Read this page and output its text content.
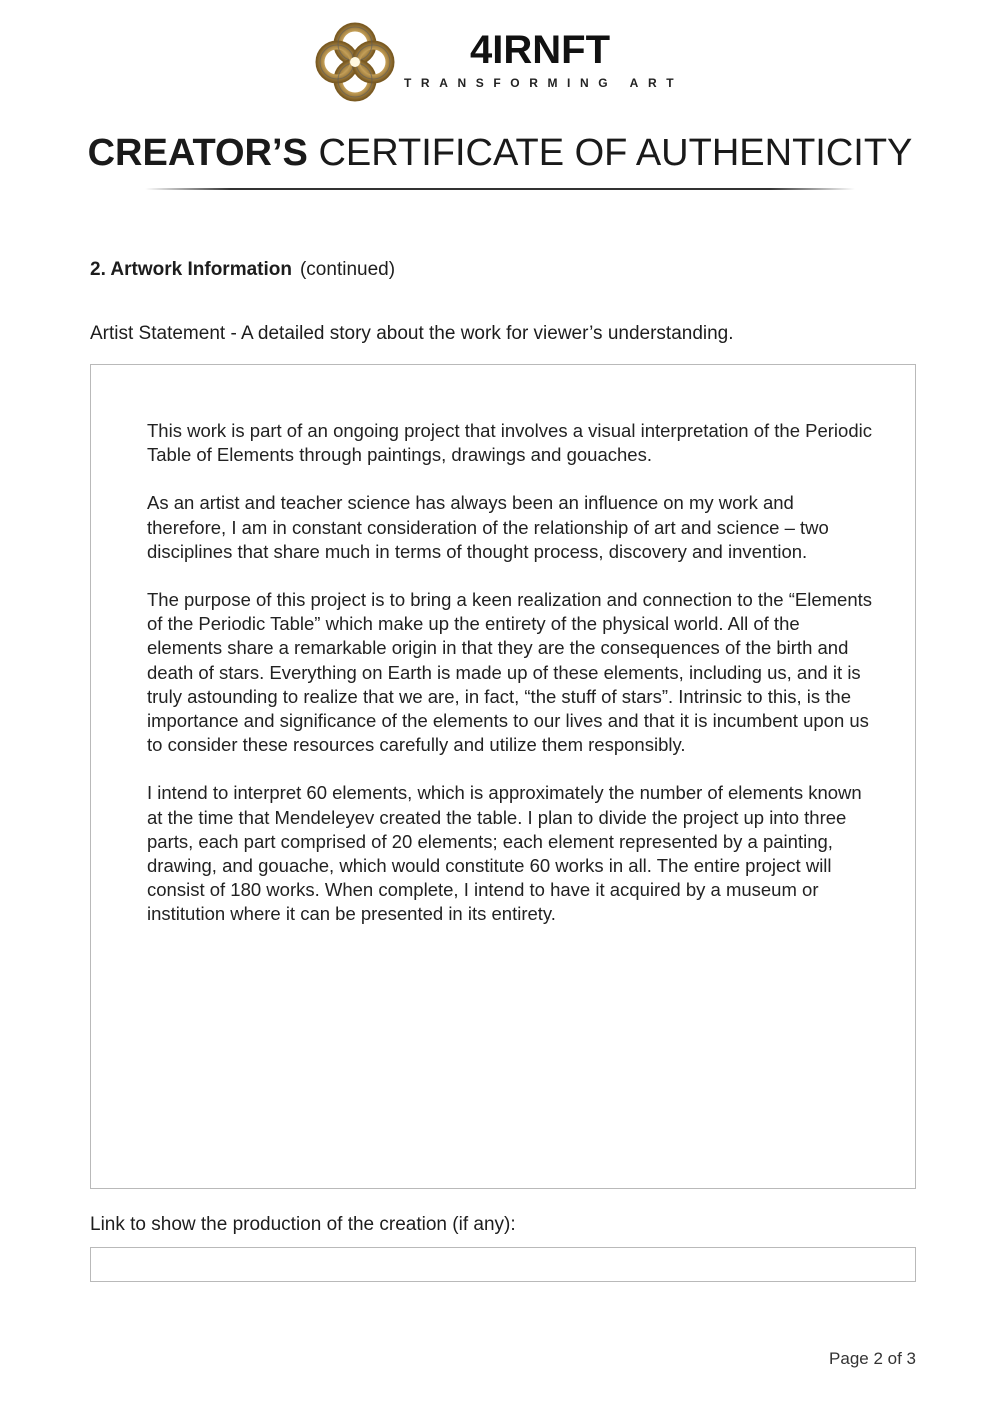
4IRNFT
TRANSFORMING ART
CREATOR’S CERTIFICATE OF AUTHENTICITY
2. Artwork Information (continued)
Artist Statement - A detailed story about the work for viewer’s understanding.

This work is part of an ongoing project that involves a visual interpretation of the Periodic Table of Elements through paintings, drawings and gouaches.

As an artist and teacher science has always been an influence on my work and therefore, I am in constant consideration of the relationship of art and science – two disciplines that share much in terms of thought process, discovery and invention.

The purpose of this project is to bring a keen realization and connection to the “Elements of the Periodic Table” which make up the entirety of the physical world. All of the elements share a remarkable origin in that they are the consequences of the birth and death of stars. Everything on Earth is made up of these elements, including us, and it is truly astounding to realize that we are, in fact, “the stuff of stars”. Intrinsic to this, is the importance and significance of the elements to our lives and that it is incumbent upon us to consider these resources carefully and utilize them responsibly.

I intend to interpret 60 elements, which is approximately the number of elements known at the time that Mendeleyev created the table. I plan to divide the project up into three parts, each part comprised of 20 elements; each element represented by a painting, drawing, and gouache, which would constitute 60 works in all. The entire project will consist of 180 works. When complete, I intend to have it acquired by a museum or institution where it can be presented in its entirety.

Link to show the production of the creation (if any):
Page 2 of 3
